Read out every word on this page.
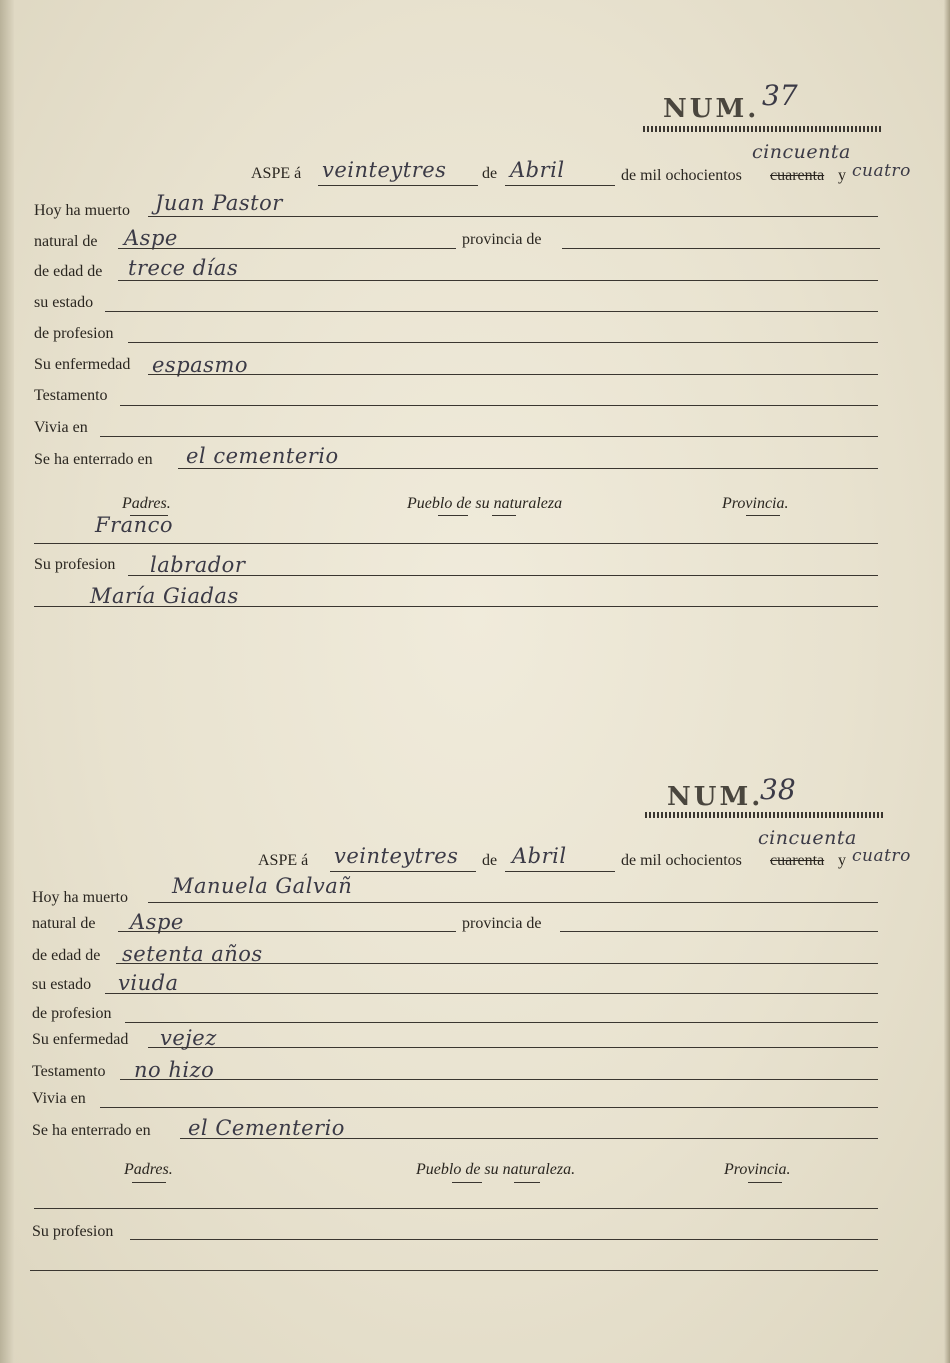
NUM. 37
cincuenta
ASPE á veinteytres de Abril	de mil ochocientos cuarenta y cuatro
Hoy ha muerto Juan Pastor
natural de Aspe	provincia de
de edad de trece días
su estado
de profesion
Su enfermedad espasmo
Testamento
Vivia en
Se ha enterrado en el cementerio
Padres.	Pueblo de su naturaleza	Provincia.
Franco
Su profesion labrador
María Giadas
NUM.
38
cincuenta
ASPE á veinteytres de Abril	de mil ochocientos cuarenta y cuatro
Hoy ha muerto Manuela Galvañ
natural de Aspe	provincia de
de edad de setenta años
su estado viuda
de profesion
Su enfermedad vejez
Testamento no hizo
Vivia en
Se ha enterrado en el Cementerio
Padres.	Pueblo de su naturaleza.	Provincia.
Su profesion
